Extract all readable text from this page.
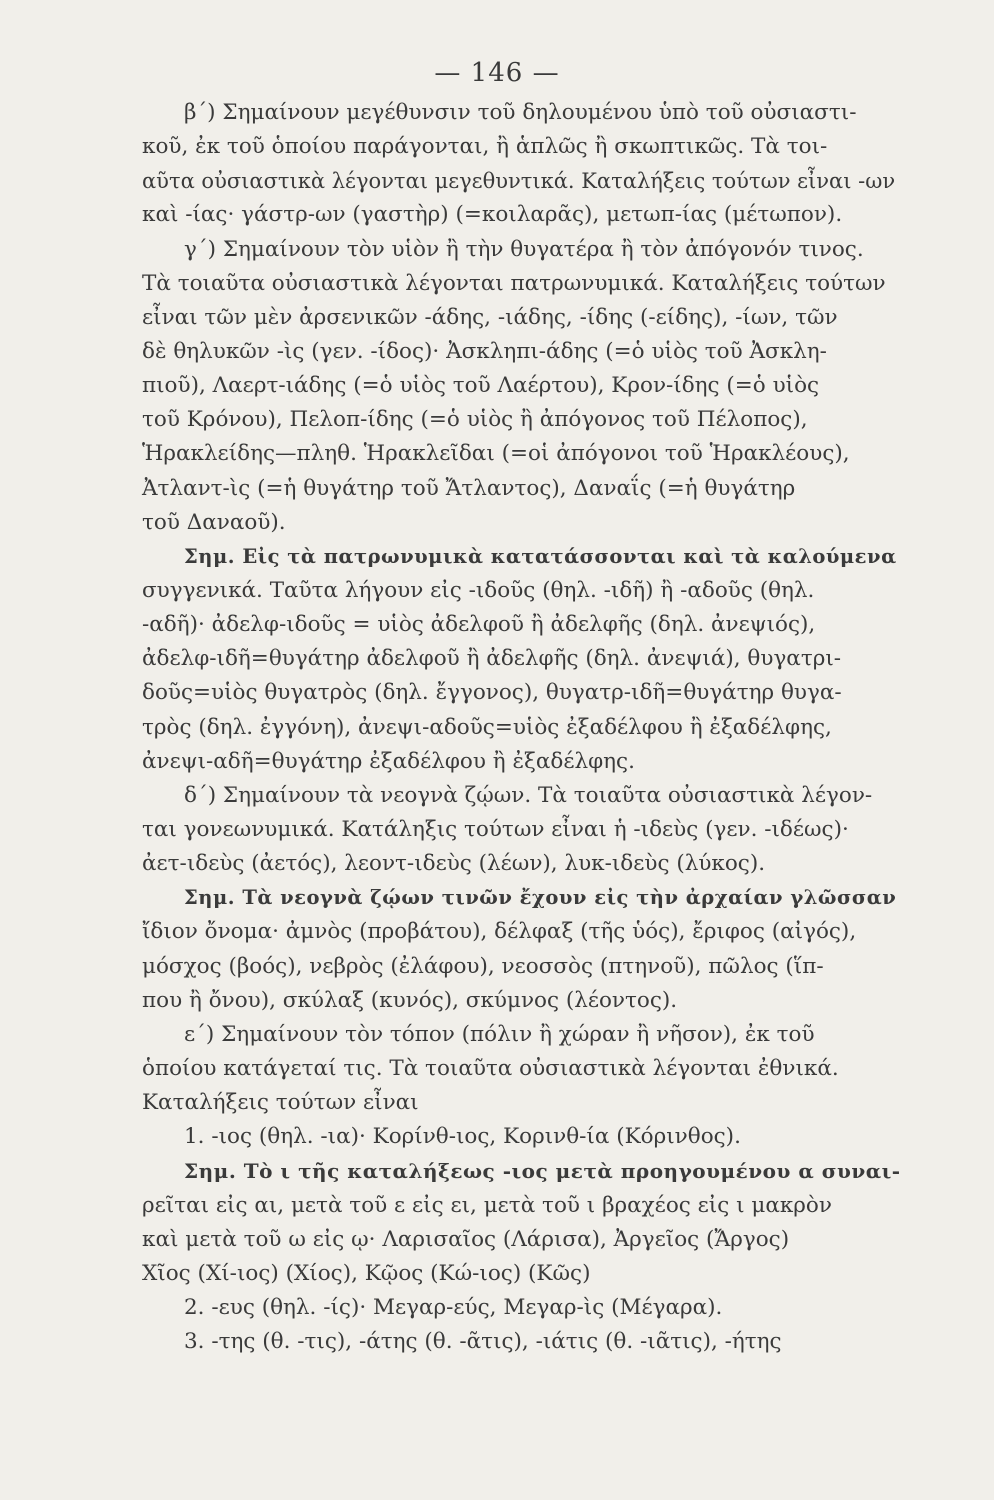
— 146 —
β΄) Σημαίνουν μεγέθυνσιν τοῦ δηλουμένου ὑπὸ τοῦ οὐσιαστι-
κοῦ, ἐκ τοῦ ὁποίου παράγονται, ἢ ἁπλῶς ἢ σκωπτικῶς. Τὰ τοι-
αῦτα οὐσιαστικὰ λέγονται μεγεθυντικά. Καταλήξεις τούτων εἶναι -ων
καὶ -ίας· γάστρ-ων (γαστὴρ) (=κοιλαρᾶς), μετωπ-ίας (μέτωπον).
γ΄) Σημαίνουν τὸν υἱὸν ἢ τὴν θυγατέρα ἢ τὸν ἀπόγονόν τινος.
Τὰ τοιαῦτα οὐσιαστικὰ λέγονται πατρωνυμικά. Καταλήξεις τούτων
εἶναι τῶν μὲν ἀρσενικῶν -άδης, -ιάδης, -ίδης (-είδης), -ίων, τῶν
δὲ θηλυκῶν -ὶς (γεν. -ίδος)· Ἀσκληπι-άδης (=ὁ υἱὸς τοῦ Ἀσκλη-
πιοῦ), Λαερτ-ιάδης (=ὁ υἱὸς τοῦ Λαέρτου), Κρον-ίδης (=ὁ υἱὸς
τοῦ Κρόνου), Πελοπ-ίδης (=ὁ υἱὸς ἢ ἀπόγονος τοῦ Πέλοπος),
Ἡρακλείδης—πληθ. Ἡρακλεῖδαι (=οἱ ἀπόγονοι τοῦ Ἡρακλέους),
Ἀτλαντ-ὶς (=ἡ θυγάτηρ τοῦ Ἄτλαντος), Δαναΐς (=ἡ θυγάτηρ
τοῦ Δαναοῦ).
Σημ. Εἰς τὰ πατρωνυμικὰ κατατάσσονται καὶ τὰ καλούμενα
συγγενικά. Ταῦτα λήγουν εἰς -ιδοῦς (θηλ. -ιδῆ) ἢ -αδοῦς (θηλ.
-αδῆ)· ἀδελφ-ιδοῦς = υἱὸς ἀδελφοῦ ἢ ἀδελφῆς (δηλ. ἀνεψιός),
ἀδελφ-ιδῆ=θυγάτηρ ἀδελφοῦ ἢ ἀδελφῆς (δηλ. ἀνεψιά), θυγατρι-
δοῦς=υἱὸς θυγατρὸς (δηλ. ἔγγονος), θυγατρ-ιδῆ=θυγάτηρ θυγα-
τρὸς (δηλ. ἐγγόνη), ἀνεψι-αδοῦς=υἱὸς ἐξαδέλφου ἢ ἐξαδέλφης,
ἀνεψι-αδῆ=θυγάτηρ ἐξαδέλφου ἢ ἐξαδέλφης.
δ΄) Σημαίνουν τὰ νεογνὰ ζῴων. Τὰ τοιαῦτα οὐσιαστικὰ λέγον-
ται γονεωνυμικά. Κατάληξις τούτων εἶναι ἡ -ιδεὺς (γεν. -ιδέως)·
ἀετ-ιδεὺς (ἀετός), λεοντ-ιδεὺς (λέων), λυκ-ιδεὺς (λύκος).
Σημ. Τὰ νεογνὰ ζῴων τινῶν ἔχουν εἰς τὴν ἀρχαίαν γλῶσσαν
ἴδιον ὄνομα· ἀμνὸς (προβάτου), δέλφαξ (τῆς ὑός), ἔριφος (αἰγός),
μόσχος (βοός), νεβρὸς (ἐλάφου), νεοσσὸς (πτηνοῦ), πῶλος (ἵπ-
που ἢ ὄνου), σκύλαξ (κυνός), σκύμνος (λέοντος).
ε΄) Σημαίνουν τὸν τόπον (πόλιν ἢ χώραν ἢ νῆσον), ἐκ τοῦ
ὁποίου κατάγεταί τις. Τὰ τοιαῦτα οὐσιαστικὰ λέγονται ἐθνικά.
Καταλήξεις τούτων εἶναι
1. -ιος (θηλ. -ια)· Κορίνθ-ιος, Κορινθ-ία (Κόρινθος).
Σημ. Τὸ ι τῆς καταλήξεως -ιος μετὰ προηγουμένου α συναι-
ρεῖται εἰς αι, μετὰ τοῦ ε εἰς ει, μετὰ τοῦ ι βραχέος εἰς ι μακρὸν
καὶ μετὰ τοῦ ω εἰς ῳ· Λαρισαῖος (Λάρισα), Ἀργεῖος (Ἄργος)
Χῖος (Χί-ιος) (Χίος), Κῷος (Κώ-ιος) (Κῶς)
2. -ευς (θηλ. -ίς)· Μεγαρ-εύς, Μεγαρ-ὶς (Μέγαρα).
3. -της (θ. -τις), -άτης (θ. -ᾶτις), -ιάτις (θ. -ιᾶτις), -ήτης
